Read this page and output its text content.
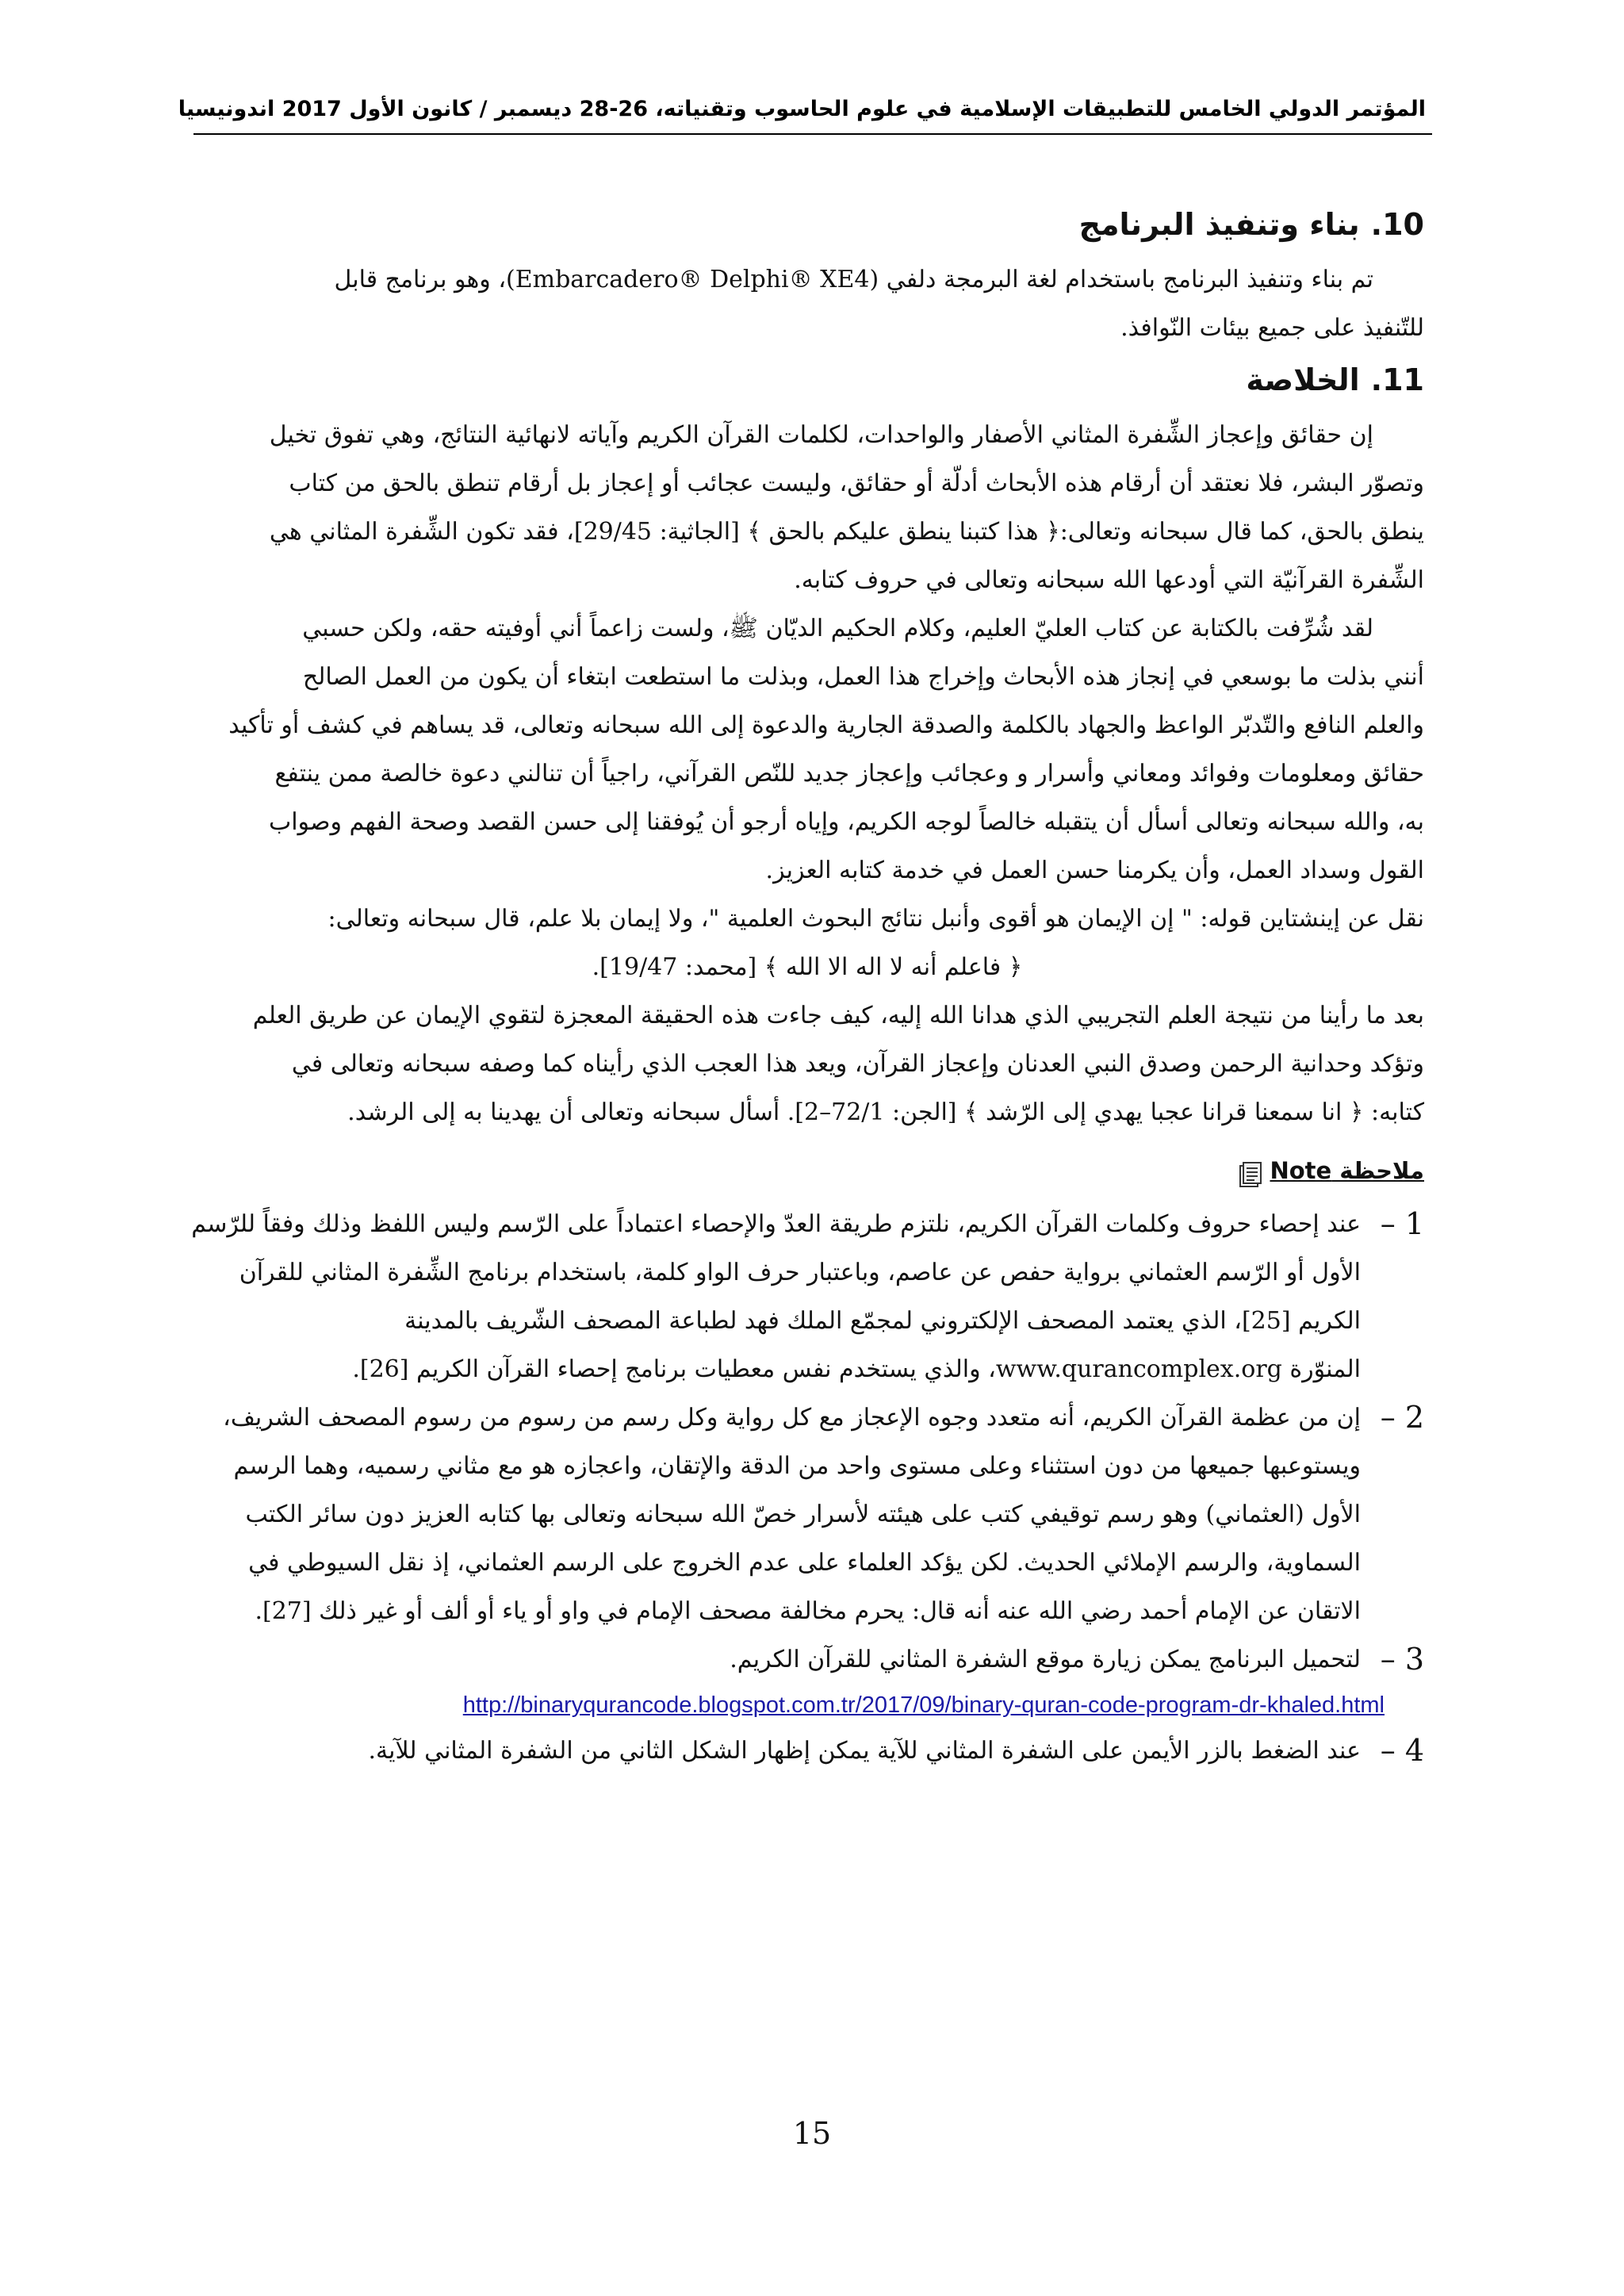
المؤتمر الدولي الخامس للتطبيقات الإسلامية في علوم الحاسوب وتقنياته، 26-28 ديسمبر / كانون الأول 2017 اندونيسيا
10.بناء وتنفيذ البرنامج
تم بناء وتنفيذ البرنامج باستخدام لغة البرمجة دلفي (Embarcadero® Delphi® XE4)، وهو برنامج قابل
للتّنفيذ على جميع بيئات النّوافذ.
11.الخلاصة
إن حقائق وإعجاز الشِّفرة المثاني الأصفار والواحدات، لكلمات القرآن الكريم وآياته لانهائية النتائج، وهي تفوق تخيل
وتصوّر البشر، فلا نعتقد أن أرقام هذه الأبحاث أدلّة أو حقائق، وليست عجائب أو إعجاز بل أرقام تنطق بالحق من كتاب
ينطق بالحق، كما قال سبحانه وتعالى:﴿ هذا كتبنا ينطق عليكم بالحق ﴾ [الجاثية: 29/45]، فقد تكون الشِّفرة المثاني هي
الشِّفرة القرآنيّة التي أودعها الله سبحانه وتعالى في حروف كتابه.
لقد شُرِّفت بالكتابة عن كتاب العليّ العليم، وكلام الحكيم الديّان ﷺ، ولست زاعماً أني أوفيته حقه، ولكن حسبي
أنني بذلت ما بوسعي في إنجاز هذه الأبحاث وإخراج هذا العمل، وبذلت ما استطعت ابتغاء أن يكون من العمل الصالح
والعلم النافع والتّدبّر الواعظ والجهاد بالكلمة والصدقة الجارية والدعوة إلى الله سبحانه وتعالى، قد يساهم في كشف أو تأكيد
حقائق ومعلومات وفوائد ومعاني وأسرار و وعجائب وإعجاز جديد للنّص القرآني، راجياً أن تنالني دعوة خالصة ممن ينتفع
به، والله سبحانه وتعالى أسأل أن يتقبله خالصاً لوجه الكريم، وإياه أرجو أن يُوفقنا إلى حسن القصد وصحة الفهم وصواب
القول وسداد العمل، وأن يكرمنا حسن العمل في خدمة كتابه العزيز.
نقل عن إينشتاين قوله: " إن الإيمان هو أقوى وأنبل نتائج البحوث العلمية "، ولا إيمان بلا علم، قال سبحانه وتعالى:
﴿ فاعلم أنه لا اله الا الله ﴾ [محمد: 19/47].
بعد ما رأينا من نتيجة العلم التجريبي الذي هدانا الله إليه، كيف جاءت هذه الحقيقة المعجزة لتقوي الإيمان عن طريق العلم
وتؤكد وحدانية الرحمن وصدق النبي العدنان وإعجاز القرآن، ويعد هذا العجب الذي رأيناه كما وصفه سبحانه وتعالى في
كتابه: ﴿ انا سمعنا قرانا عجبا يهدي إلى الرّشد ﴾ [الجن: 72/1–2]. أسأل سبحانه وتعالى أن يهدينا به إلى الرشد.
ملاحظة Note
1 –
عند إحصاء حروف وكلمات القرآن الكريم، نلتزم طريقة العدّ والإحصاء اعتماداً على الرّسم وليس اللفظ وذلك وفقاً للرّسم
الأول أو الرّسم العثماني برواية حفص عن عاصم، وباعتبار حرف الواو كلمة، باستخدام برنامج الشِّفرة المثاني للقرآن
الكريم [25]، الذي يعتمد المصحف الإلكتروني لمجمّع الملك فهد لطباعة المصحف الشّريف بالمدينة
المنوّرة www.qurancomplex.org، والذي يستخدم نفس معطيات برنامج إحصاء القرآن الكريم [26].
2 –
إن من عظمة القرآن الكريم، أنه متعدد وجوه الإعجاز مع كل رواية وكل رسم من رسوم من رسوم المصحف الشريف،
ويستوعبها جميعها من دون استثناء وعلى مستوى واحد من الدقة والإتقان، واعجازه هو مع مثاني رسميه، وهما الرسم
الأول (العثماني) وهو رسم توقيفي كتب على هيئته لأسرار خصّ الله سبحانه وتعالى بها كتابه العزيز دون سائر الكتب
السماوية، والرسم الإملائي الحديث. لكن يؤكد العلماء على عدم الخروج على الرسم العثماني، إذ نقل السيوطي في
الاتقان عن الإمام أحمد رضي الله عنه أنه قال: يحرم مخالفة مصحف الإمام في واو أو ياء أو ألف أو غير ذلك [27].
3 –
لتحميل البرنامج يمكن زيارة موقع الشفرة المثاني للقرآن الكريم.
http://binaryqurancode.blogspot.com.tr/2017/09/binary-quran-code-program-dr-khaled.html
4 –
عند الضغط بالزر الأيمن على الشفرة المثاني للآية يمكن إظهار الشكل الثاني من الشفرة المثاني للآية.
15
